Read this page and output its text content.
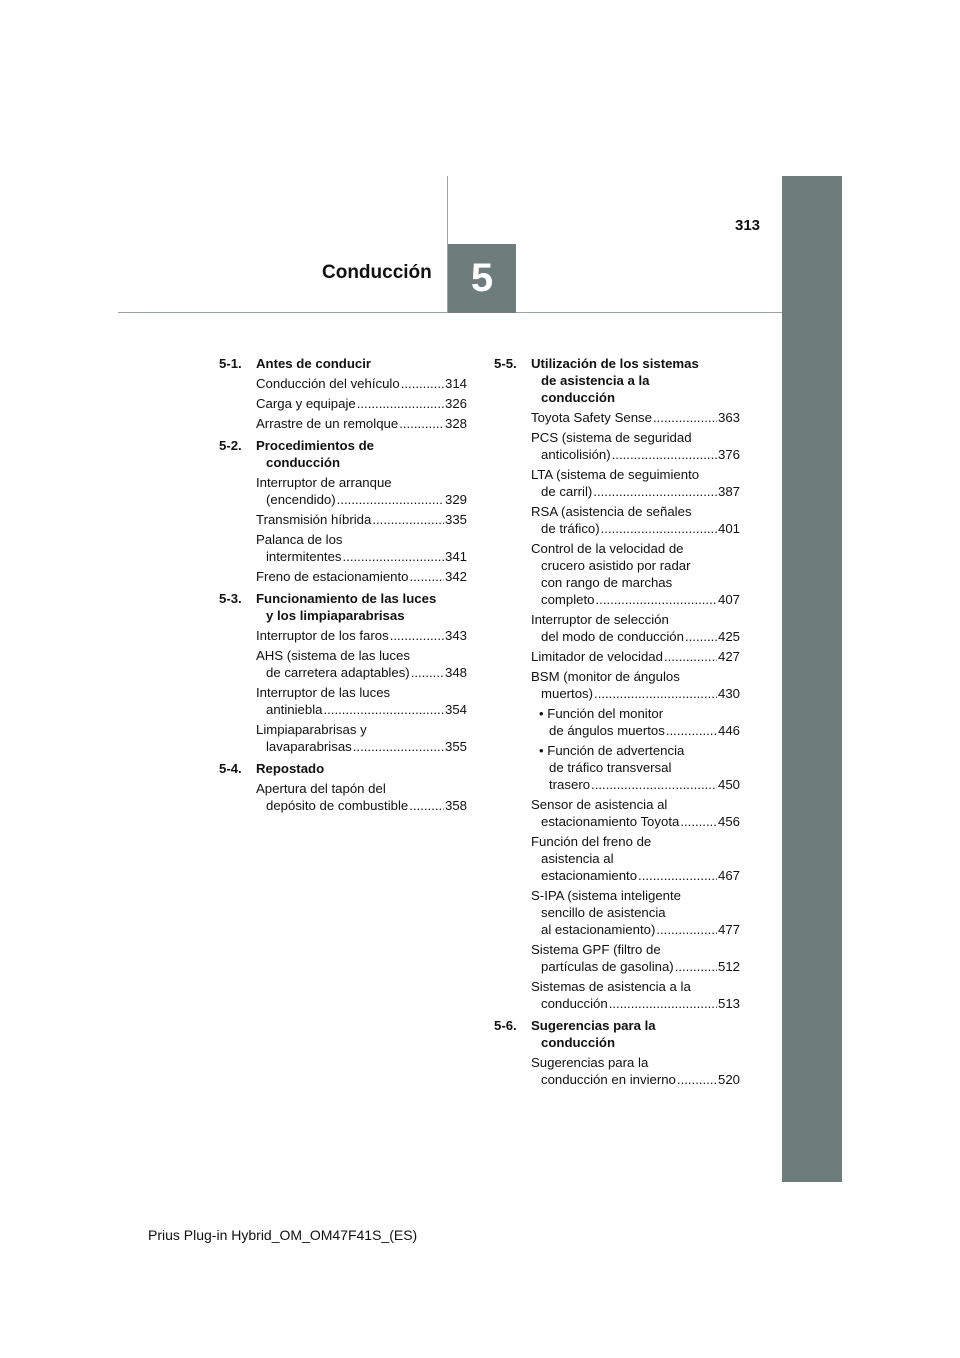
5
Conducción
313
5-1.	Antes de conducir
Conducción del vehículo .....	314
Carga y equipaje .....	326
Arrastre de un remolque .....	328
5-2.	Procedimientos de
conducción
Interruptor de arranque
(encendido) .....	329
Transmisión híbrida .....	335
Palanca de los
intermitentes .....	341
Freno de estacionamiento .....	342
5-3.	Funcionamiento de las luces
y los limpiaparabrisas
Interruptor de los faros .....	343
AHS (sistema de las luces
de carretera adaptables) .....	348
Interruptor de las luces
antiniebla .....	354
Limpiaparabrisas y
lavaparabrisas .....	355
5-4.	Repostado
Apertura del tapón del
depósito de combustible .....	358
5-5.	Utilización de los sistemas
de asistencia a la
conducción
Toyota Safety Sense .....	363
PCS (sistema de seguridad
anticolisión) .....	376
LTA (sistema de seguimiento
de carril) .....	387
RSA (asistencia de señales
de tráfico) .....	401
Control de la velocidad de
crucero asistido por radar
con rango de marchas
completo .....	407
Interruptor de selección
del modo de conducción .....	425
Limitador de velocidad .....	427
BSM (monitor de ángulos
muertos) .....	430
• Función del monitor
de ángulos muertos .....	446
• Función de advertencia
de tráfico transversal
trasero .....	450
Sensor de asistencia al
estacionamiento Toyota .....	456
Función del freno de
asistencia al
estacionamiento .....	467
S-IPA (sistema inteligente
sencillo de asistencia
al estacionamiento) .....	477
Sistema GPF (filtro de
partículas de gasolina) .....	512
Sistemas de asistencia a la
conducción .....	513
5-6.	Sugerencias para la
conducción
Sugerencias para la
conducción en invierno .....	520
Prius Plug-in Hybrid_OM_OM47F41S_(ES)
